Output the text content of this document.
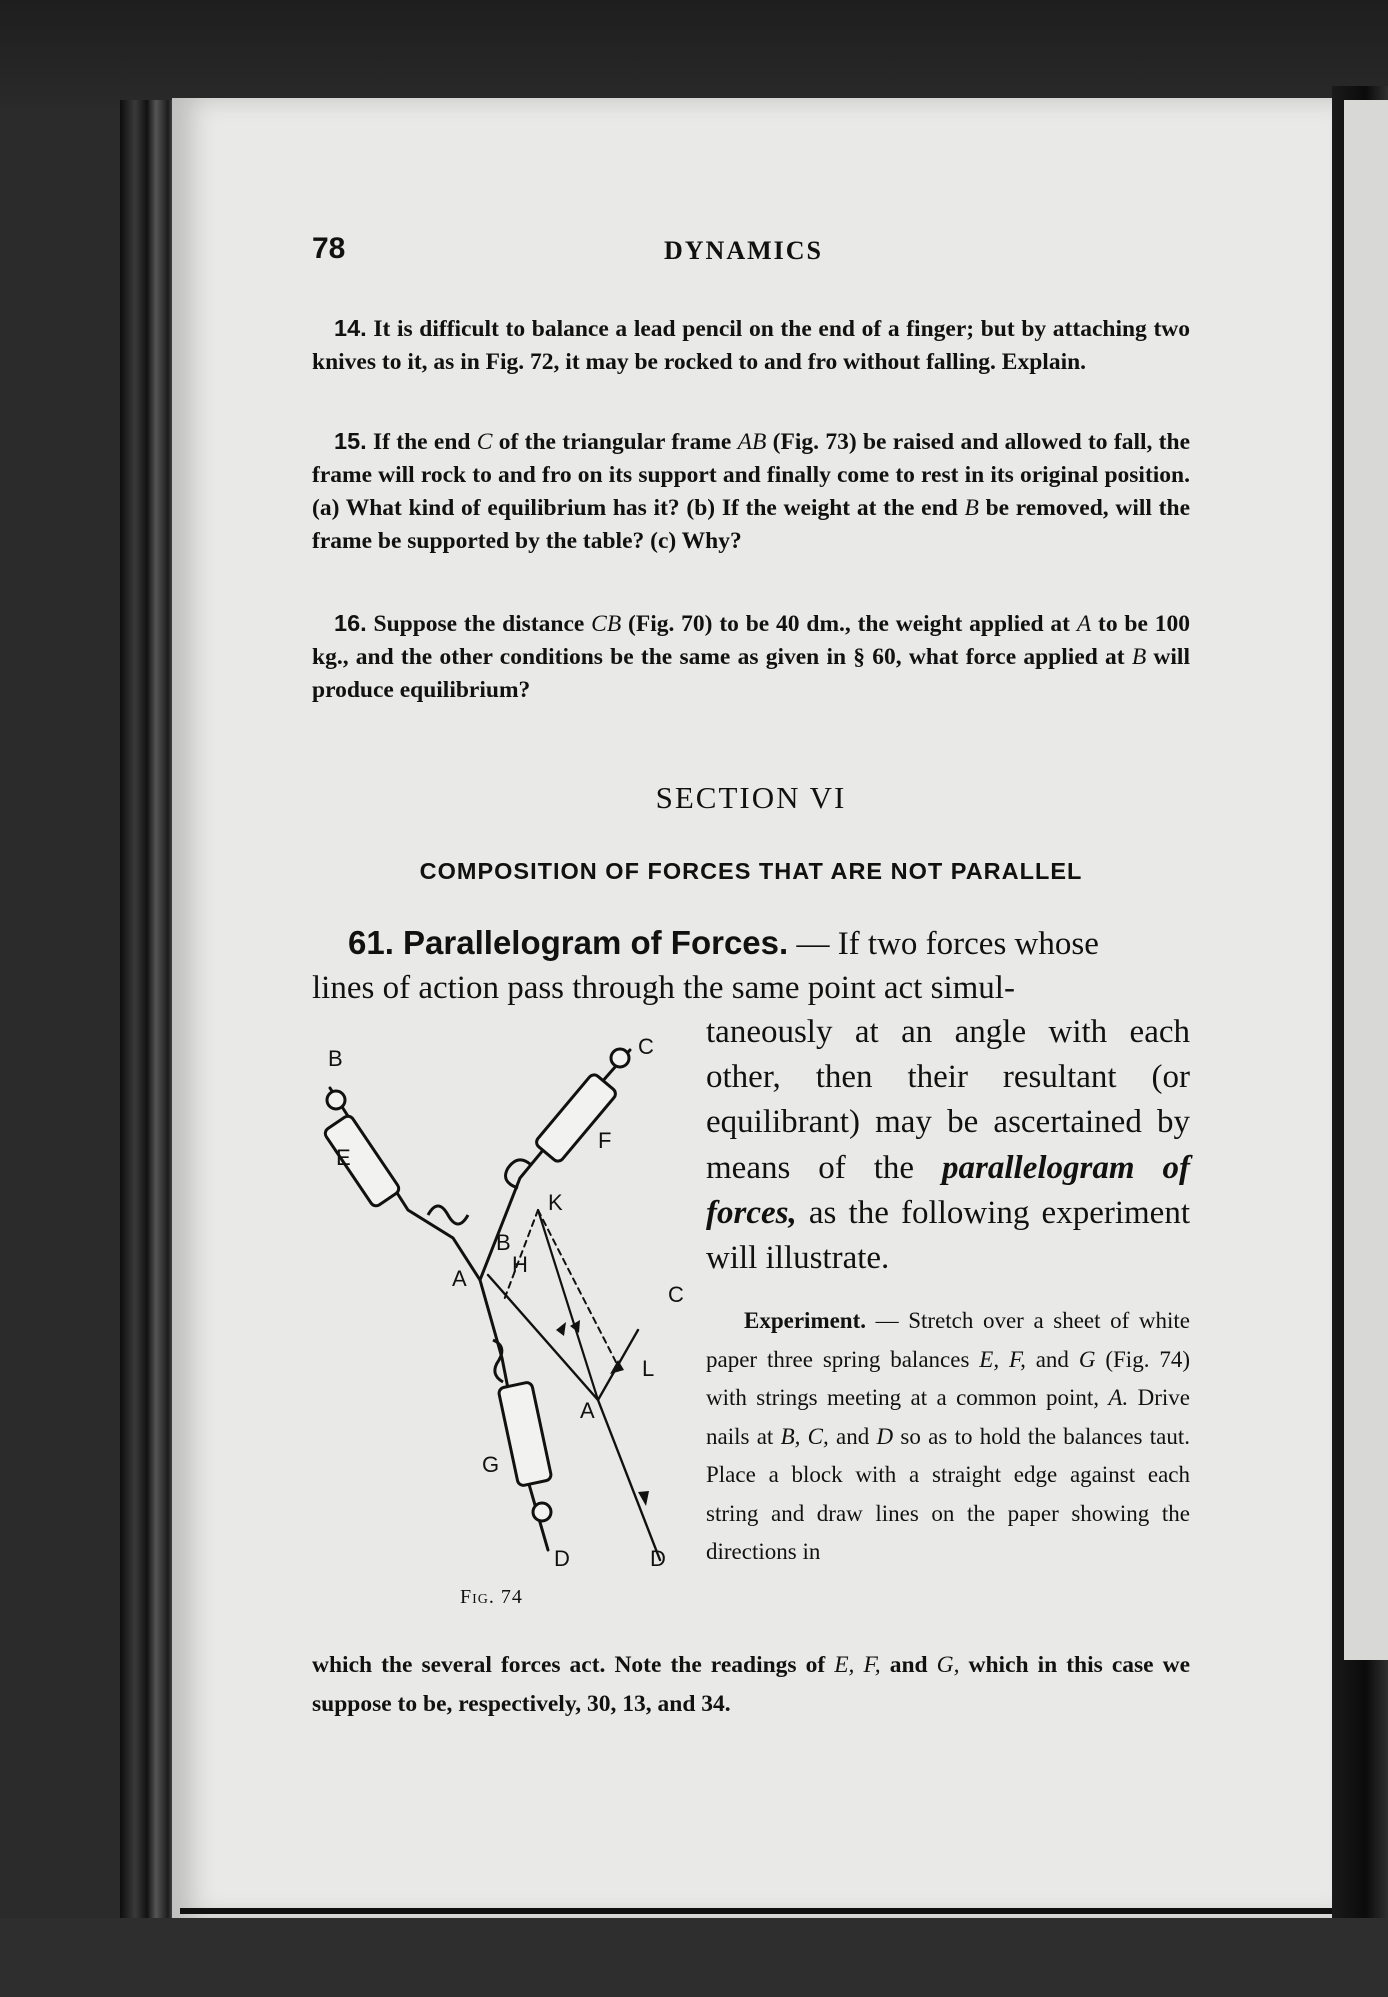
78	DYNAMICS
14. It is difficult to balance a lead pencil on the end of a finger; but by attaching two knives to it, as in Fig. 72, it may be rocked to and fro without falling. Explain.
15. If the end C of the triangular frame AB (Fig. 73) be raised and allowed to fall, the frame will rock to and fro on its support and finally come to rest in its original position. (a) What kind of equilibrium has it? (b) If the weight at the end B be removed, will the frame be supported by the table? (c) Why?
16. Suppose the distance CB (Fig. 70) to be 40 dm., the weight applied at A to be 100 kg., and the other conditions be the same as given in § 60, what force applied at B will produce equilibrium?
SECTION VI
COMPOSITION OF FORCES THAT ARE NOT PARALLEL
61. Parallelogram of Forces. — If two forces whose
lines of action pass through the same point act simul-
taneously at an angle with each other, then their resultant (or equilibrant) may be ascertained by means of the parallelogram of forces, as the following experiment will illustrate.
Experiment. — Stretch over a sheet of white paper three spring balances E, F, and G (Fig. 74) with strings meeting at a common point, A. Drive nails at B, C, and D so as to hold the balances taut. Place a block with a straight edge against each string and draw lines on the paper showing the directions in
which the several forces act. Note the readings of E, F, and G, which in this case we suppose to be, respectively, 30, 13, and 34.
B	C
E
F
K
B
H
A
C
L
A
G
D	D
Fig. 74
